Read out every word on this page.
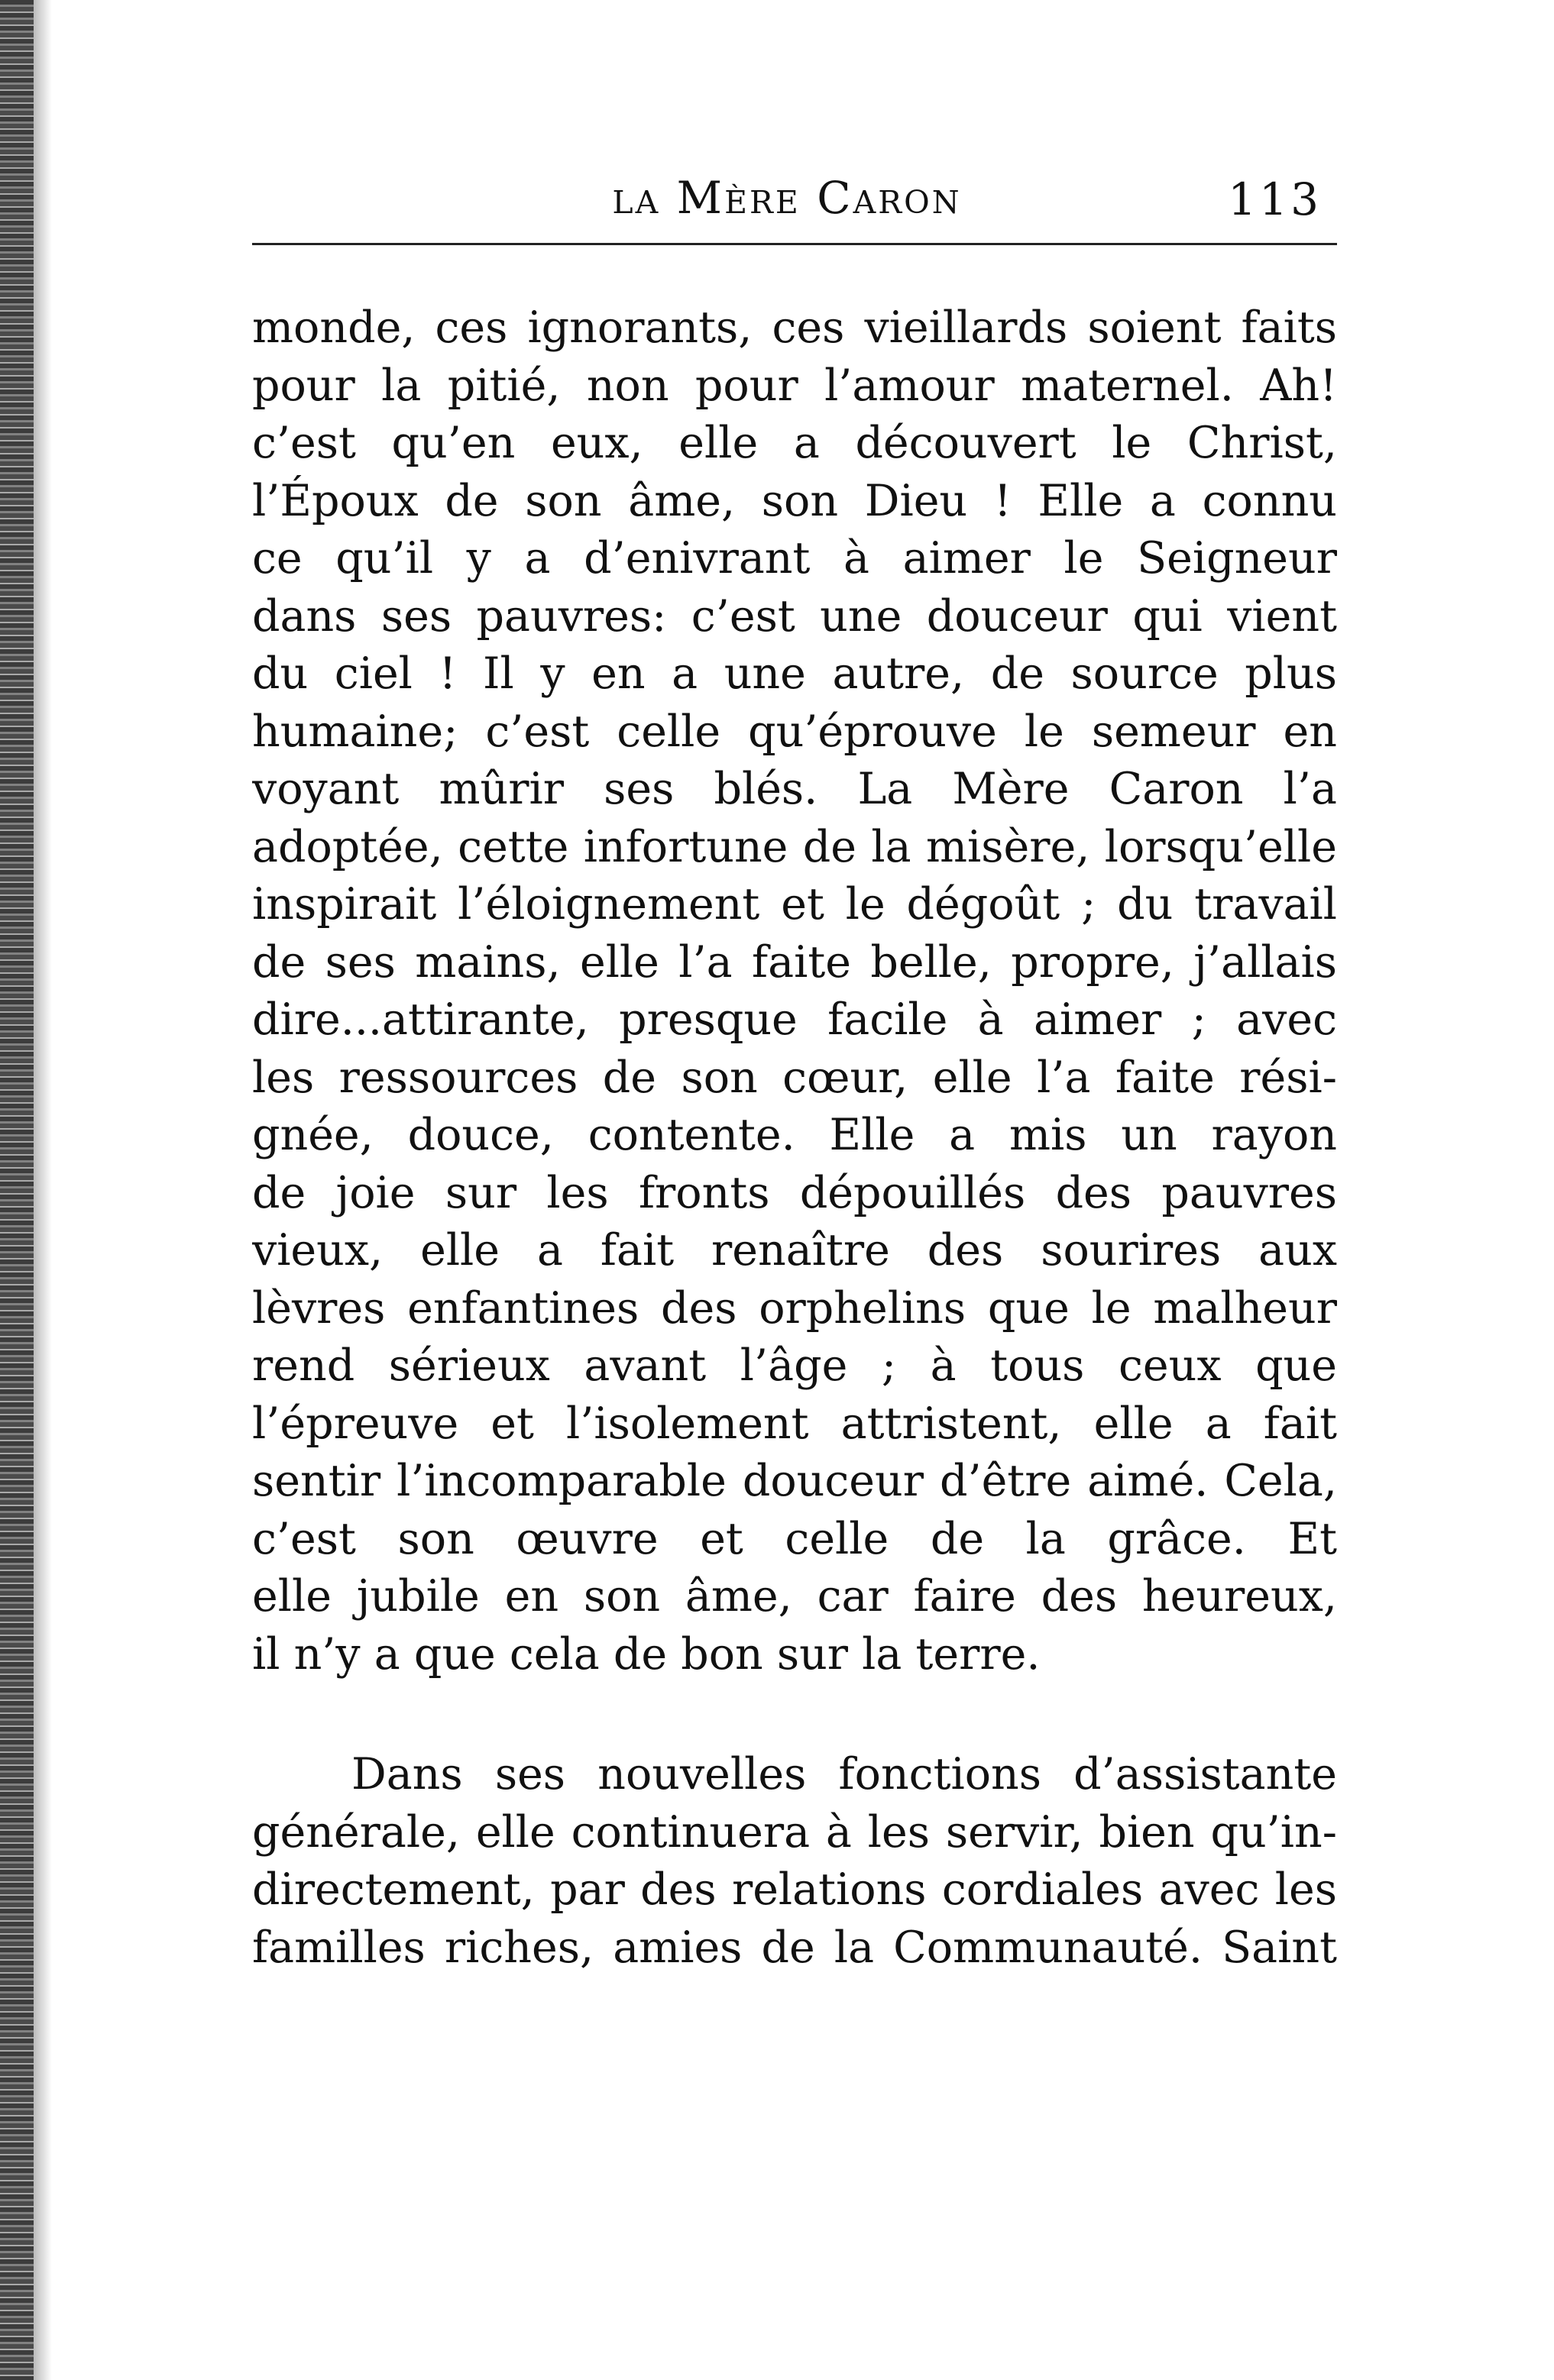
la Mère Caron	113
monde, ces ignorants, ces vieillards soient faits
pour la pitié, non pour l’amour maternel. Ah!
c’est qu’en eux, elle a découvert le Christ,
l’Époux de son âme, son Dieu ! Elle a connu
ce qu’il y a d’enivrant à aimer le Seigneur
dans ses pauvres: c’est une douceur qui vient
du ciel ! Il y en a une autre, de source plus
humaine; c’est celle qu’éprouve le semeur en
voyant mûrir ses blés. La Mère Caron l’a
adoptée, cette infortune de la misère, lorsqu’elle
inspirait l’éloignement et le dégoût ; du travail
de ses mains, elle l’a faite belle, propre, j’allais
dire...attirante, presque facile à aimer ; avec
les ressources de son cœur, elle l’a faite rési-
gnée, douce, contente. Elle a mis un rayon
de joie sur les fronts dépouillés des pauvres
vieux, elle a fait renaître des sourires aux
lèvres enfantines des orphelins que le malheur
rend sérieux avant l’âge ; à tous ceux que
l’épreuve et l’isolement attristent, elle a fait
sentir l’incomparable douceur d’être aimé. Cela,
c’est son œuvre et celle de la grâce. Et
elle jubile en son âme, car faire des heureux,
il n’y a que cela de bon sur la terre.
Dans ses nouvelles fonctions d’assistante
générale, elle continuera à les servir, bien qu’in-
directement, par des relations cordiales avec les
familles riches, amies de la Communauté. Saint
